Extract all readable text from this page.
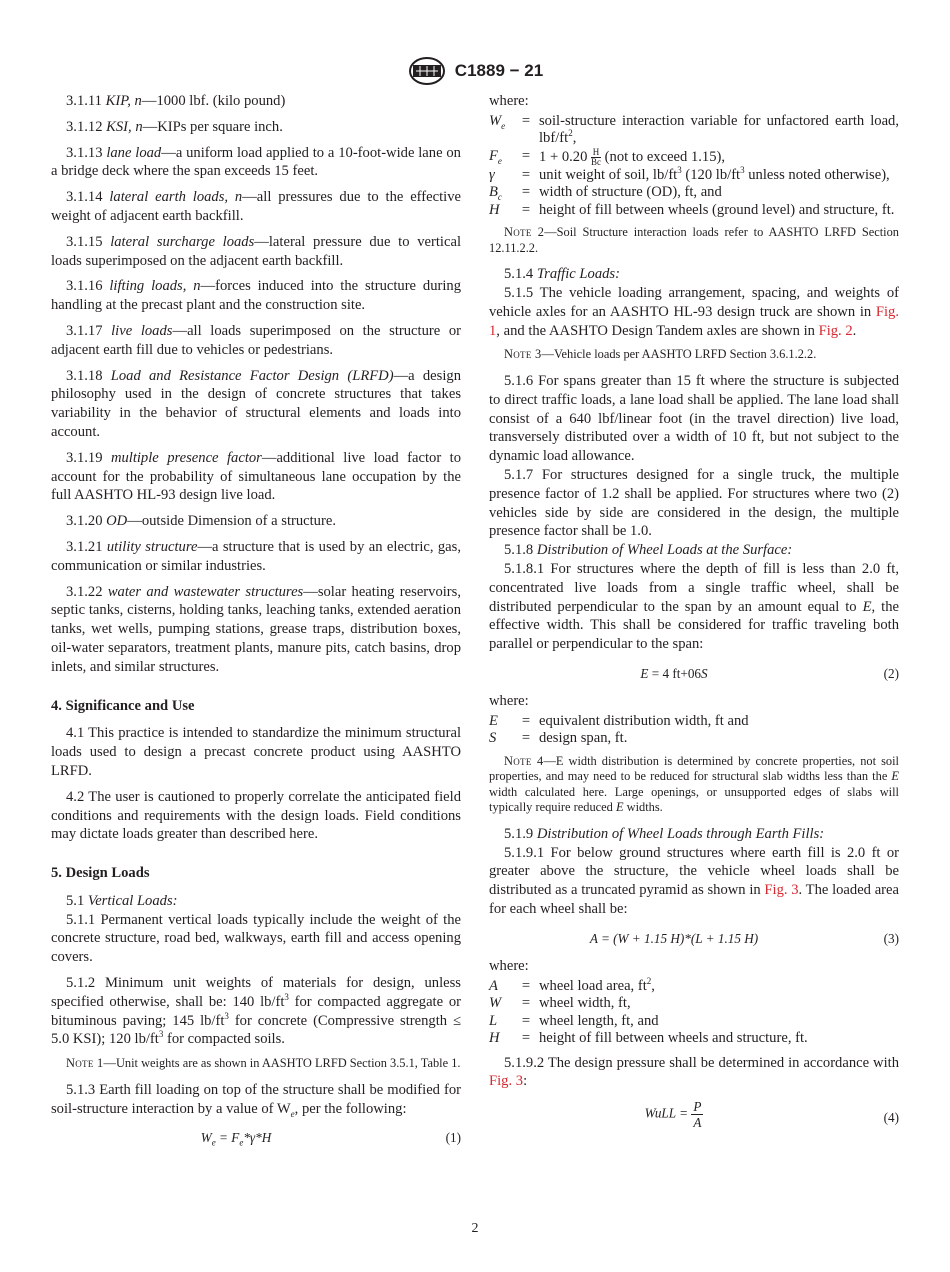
C1889 − 21

3.1.11 KIP, n—1000 lbf. (kilo pound)

3.1.12 KSI, n—KIPs per square inch.

3.1.13 lane load—a uniform load applied to a 10-foot-wide lane on a bridge deck where the span exceeds 15 feet.

3.1.14 lateral earth loads, n—all pressures due to the effective weight of adjacent earth backfill.

3.1.15 lateral surcharge loads—lateral pressure due to vertical loads superimposed on the adjacent earth backfill.

3.1.16 lifting loads, n—forces induced into the structure during handling at the precast plant and the construction site.

3.1.17 live loads—all loads superimposed on the structure or adjacent earth fill due to vehicles or pedestrians.

3.1.18 Load and Resistance Factor Design (LRFD)—a design philosophy used in the design of concrete structures that takes variability in the behavior of structural elements and loads into account.

3.1.19 multiple presence factor—additional live load factor to account for the probability of simultaneous lane occupation by the full AASHTO HL-93 design live load.

3.1.20 OD—outside Dimension of a structure.

3.1.21 utility structure—a structure that is used by an electric, gas, communication or similar industries.

3.1.22 water and wastewater structures—solar heating reservoirs, septic tanks, cisterns, holding tanks, leaching tanks, extended aeration tanks, wet wells, pumping stations, grease traps, distribution boxes, oil-water separators, treatment plants, manure pits, catch basins, drop inlets, and similar structures.

4. Significance and Use

4.1 This practice is intended to standardize the minimum structural loads used to design a precast concrete product using AASHTO LRFD.

4.2 The user is cautioned to properly correlate the anticipated field conditions and requirements with the design loads. Field conditions may dictate loads greater than described here.

5. Design Loads

5.1 Vertical Loads:

5.1.1 Permanent vertical loads typically include the weight of the concrete structure, road bed, walkways, earth fill and access opening covers.

5.1.2 Minimum unit weights of materials for design, unless specified otherwise, shall be: 140 $lb/ft^3$ for compacted aggregate or bituminous paving; 145 $lb/ft^3$ for concrete (Compressive strength ≤ 5.0 KSI); 120 $lb/ft^3$ for compacted soils.

Note 1—Unit weights are as shown in AASHTO LRFD Section 3.5.1, Table 1.

5.1.3 Earth fill loading on top of the structure shall be modified for soil-structure interaction by a value of $W_e$, per the following:

$W_e = F_e*\gamma*H$	(1)

where:

$W_e$	=	soil-structure interaction variable for unfactored earth load, lbf/$ft^2$,
$F_e$	=	$1 + 0.20 \frac{H}{Bc} (not$ to exceed 1.15),
γ	=	unit weight of soil, $lb/ft^3$ (120 $lb/ft^3$ unless noted otherwise),
$B_c$	=	width of structure (OD), ft, and
H	=	height of fill between wheels (ground level) and structure, ft.

Note 2—Soil Structure interaction loads refer to AASHTO LRFD Section 12.11.2.2.

5.1.4 Traffic Loads:

5.1.5 The vehicle loading arrangement, spacing, and weights of vehicle axles for an AASHTO HL-93 design truck are shown in Fig. 1, and the AASHTO Design Tandem axles are shown in Fig. 2.

Note 3—Vehicle loads per AASHTO LRFD Section 3.6.1.2.2.

5.1.6 For spans greater than 15 ft where the structure is subjected to direct traffic loads, a lane load shall be applied. The lane load shall consist of a 640 lbf/linear foot (in the travel direction) live load, transversely distributed over a width of 10 ft, but not subject to the dynamic load allowance.

5.1.7 For structures designed for a single truck, the multiple presence factor of 1.2 shall be applied. For structures where two (2) vehicles side by side are considered in the design, the multiple presence factor shall be 1.0.

5.1.8 Distribution of Wheel Loads at the Surface:

5.1.8.1 For structures where the depth of fill is less than 2.0 ft, concentrated live loads from a single traffic wheel, shall be distributed perpendicular to the span by an amount equal to E, the effective width. This shall be considered for traffic traveling both parallel or perpendicular to the span:

E = 4 ft+06S	(2)

where:

E	=	equivalent distribution width, ft and
S	=	design span, ft.

Note 4—E width distribution is determined by concrete properties, not soil properties, and may need to be reduced for structural slab widths less than the E width calculated here. Large openings, or unsupported edges of slabs will typically require reduced E widths.

5.1.9 Distribution of Wheel Loads through Earth Fills:

5.1.9.1 For below ground structures where earth fill is 2.0 ft or greater above the structure, the vehicle wheel loads shall be distributed as a truncated pyramid as shown in Fig. 3. The loaded area for each wheel shall be:

A = (W + 1.15 H)*(L + 1.15 H)	(3)

where:

A	=	wheel load area, $ft^2$,
W	=	wheel width, ft,
L	=	wheel length, ft, and
H	=	height of fill between wheels and structure, ft.

5.1.9.2 The design pressure shall be determined in accordance with Fig. 3:

WuLL = $\frac{P}{A}$	(4)
2
